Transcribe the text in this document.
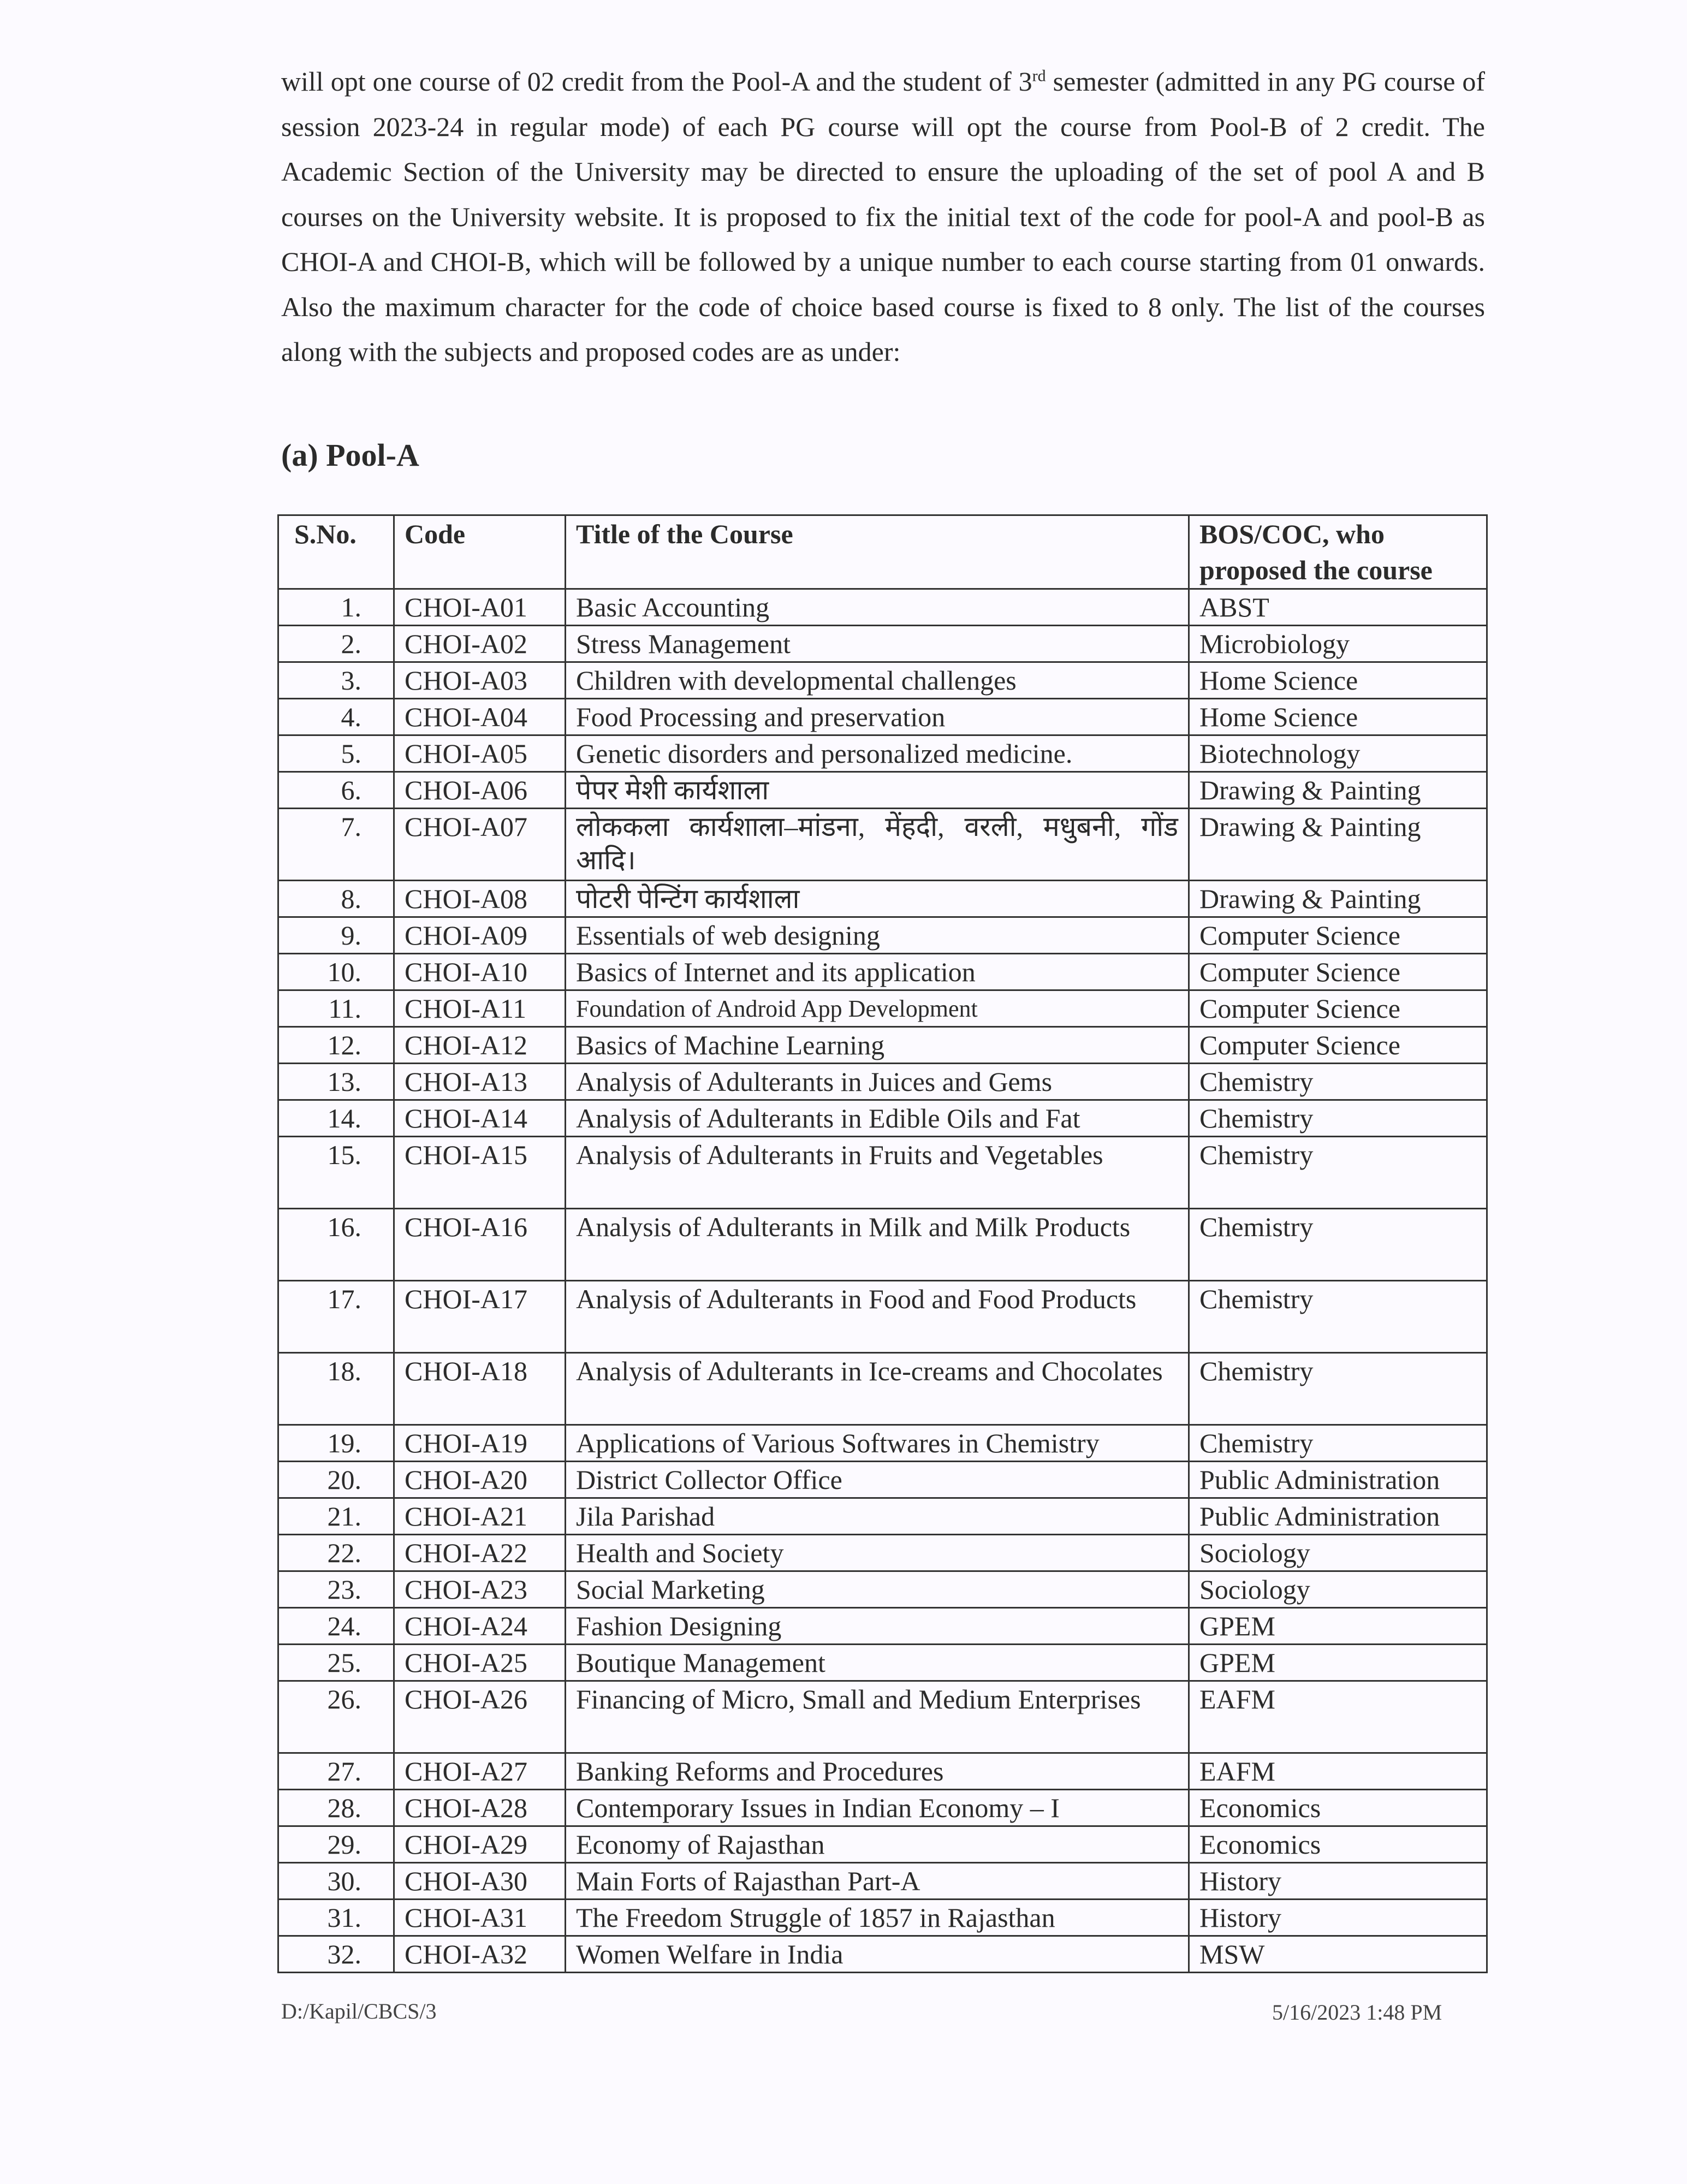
will opt one course of 02 credit from the Pool-A and the student of 3rd semester (admitted in any PG course of session 2023-24 in regular mode) of each PG course will opt the course from Pool-B of 2 credit. The Academic Section of the University may be directed to ensure the uploading of the set of pool A and B courses on the University website. It is proposed to fix the initial text of the code for pool-A and pool-B as CHOI-A and CHOI-B, which will be followed by a unique number to each course starting from 01 onwards. Also the maximum character for the code of choice based course is fixed to 8 only. The list of the courses along with the subjects and proposed codes are as under:

(a) Pool-A
S.No.	Code	Title of the Course	BOS/COC, who proposed the course
1.	CHOI-A01	Basic Accounting	ABST
2.	CHOI-A02	Stress Management	Microbiology
3.	CHOI-A03	Children with developmental challenges	Home Science
4.	CHOI-A04	Food Processing and preservation	Home Science
5.	CHOI-A05	Genetic disorders and personalized medicine.	Biotechnology
6.	CHOI-A06	पेपर मेशी कार्यशाला	Drawing & Painting
7.	CHOI-A07	लोककला कार्यशाला–मांडना, मेंहदी, वरली, मधुबनी, गोंड आदि।	Drawing & Painting
8.	CHOI-A08	पोटरी पेन्टिंग कार्यशाला	Drawing & Painting
9.	CHOI-A09	Essentials of web designing	Computer Science
10.	CHOI-A10	Basics of Internet and its application	Computer Science
11.	CHOI-A11	Foundation of Android App Development	Computer Science
12.	CHOI-A12	Basics of Machine Learning	Computer Science
13.	CHOI-A13	Analysis of Adulterants in Juices and Gems	Chemistry
14.	CHOI-A14	Analysis of Adulterants in Edible Oils and Fat	Chemistry
15.	CHOI-A15	Analysis of Adulterants in Fruits and Vegetables	Chemistry
16.	CHOI-A16	Analysis of Adulterants in Milk and Milk Products	Chemistry
17.	CHOI-A17	Analysis of Adulterants in Food and Food Products	Chemistry
18.	CHOI-A18	Analysis of Adulterants in Ice-creams and Chocolates	Chemistry
19.	CHOI-A19	Applications of Various Softwares in Chemistry	Chemistry
20.	CHOI-A20	District Collector Office	Public Administration
21.	CHOI-A21	Jila Parishad	Public Administration
22.	CHOI-A22	Health and Society	Sociology
23.	CHOI-A23	Social Marketing	Sociology
24.	CHOI-A24	Fashion Designing	GPEM
25.	CHOI-A25	Boutique Management	GPEM
26.	CHOI-A26	Financing of Micro, Small and Medium Enterprises	EAFM
27.	CHOI-A27	Banking Reforms and Procedures	EAFM
28.	CHOI-A28	Contemporary Issues in Indian Economy – I	Economics
29.	CHOI-A29	Economy of Rajasthan	Economics
30.	CHOI-A30	Main Forts of Rajasthan Part-A	History
31.	CHOI-A31	The Freedom Struggle of 1857 in Rajasthan	History
32.	CHOI-A32	Women Welfare in India	MSW
D:/Kapil/CBCS/3	5/16/2023 1:48 PM
